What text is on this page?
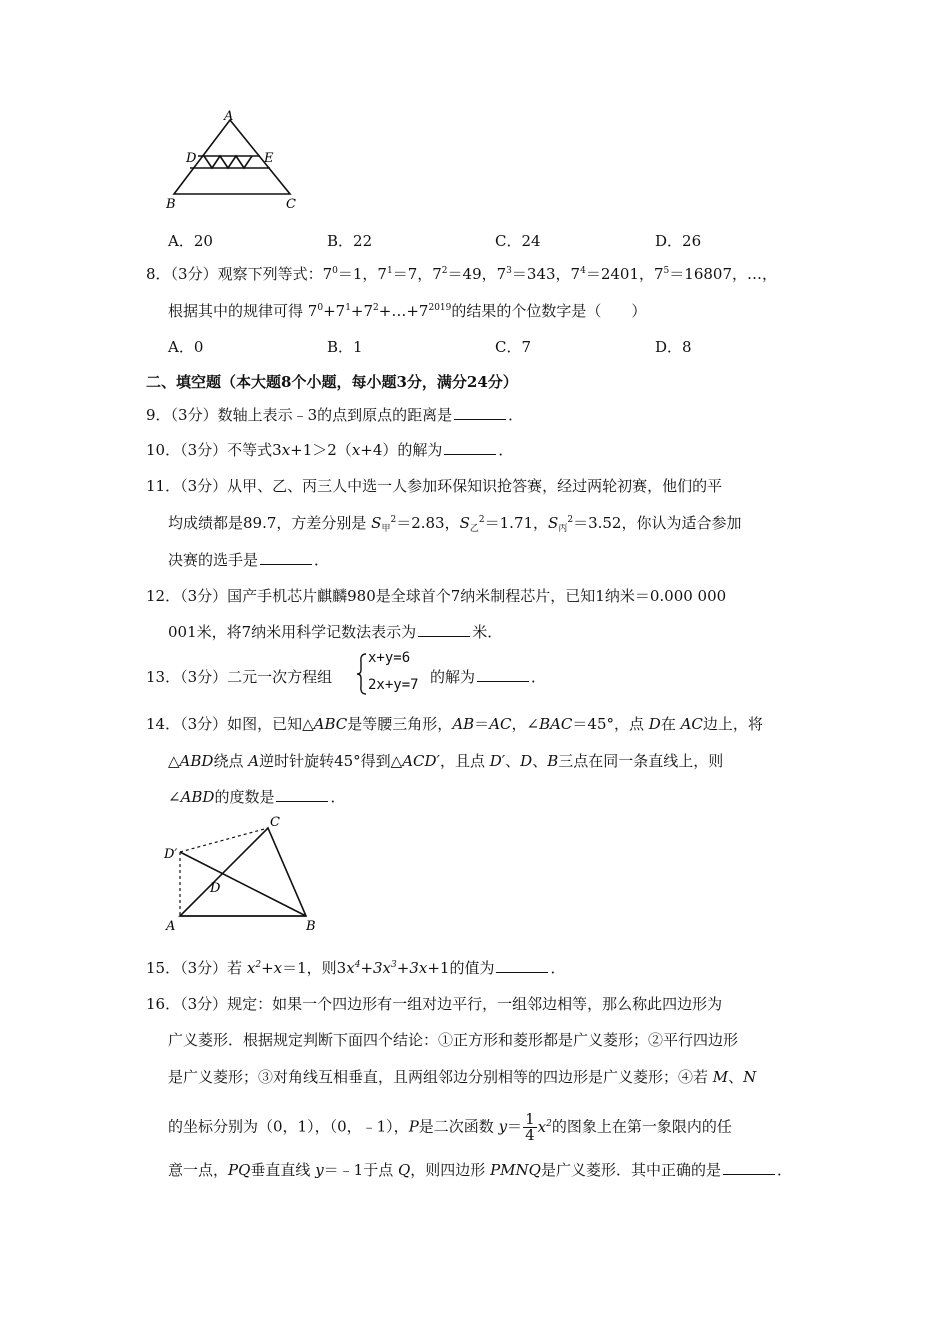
A
D	E
B	C
A．20	B．22	C．24	D．26
8．（3分）观察下列等式：$7^0=1$，$7^1=7$，$7^2=49$，$7^3=343$，$7^4=2401$，$7^5=16807$，…，
根据其中的规律可得 $7^0+7^1+7^2+\dots+7^{2019}$的结果的个位数字是（　　）
A．0	B．1	C．7	D．8
二、填空题（本大题8个小题，每小题3分，满分24分）
9．（3分）数轴上表示﹣3的点到原点的距离是	．
10．（3分）不等式3x+1＞2（x+4）的解为	．
11．（3分）从甲、乙、丙三人中选一人参加环保知识抢答赛，经过两轮初赛，他们的平
均成绩都是89.7，方差分别是 $S_甲^2=2.83$，$S_乙^2=1.71$，$S_丙^2=3.52$，你认为适合参加
决赛的选手是	．
12．（3分）国产手机芯片麒麟980是全球首个7纳米制程芯片，已知1纳米＝0.000 000
001米，将7纳米用科学记数法表示为	米．
13．（3分）二元一次方程组
x+y=6
2x+y=7 的解为	．
14．（3分）如图，已知△ABC是等腰三角形，AB＝AC，∠BAC＝45°，点 D在 AC边上，将
△ABD绕点 A逆时针旋转45°得到△ACD′，且点 D′、D、B三点在同一条直线上，则
∠ABD的度数是	．
C
D′
D
A	B
15．（3分）若 $x^2+x=1$，则$3x^4+3x^3+3x+1$的值为	．
16．（3分）规定：如果一个四边形有一组对边平行，一组邻边相等，那么称此四边形为
广义菱形．根据规定判断下面四个结论：①正方形和菱形都是广义菱形；②平行四边形
是广义菱形；③对角线互相垂直，且两组邻边分别相等的四边形是广义菱形；④若 M、N
的坐标分别为（0，1），（0，﹣1），P是二次函数 $y= \frac{1}{4} x^2$的图象上在第一象限内的任
意一点，PQ垂直直线 y＝﹣1于点 Q，则四边形 PMNQ是广义菱形．其中正确的是	．
